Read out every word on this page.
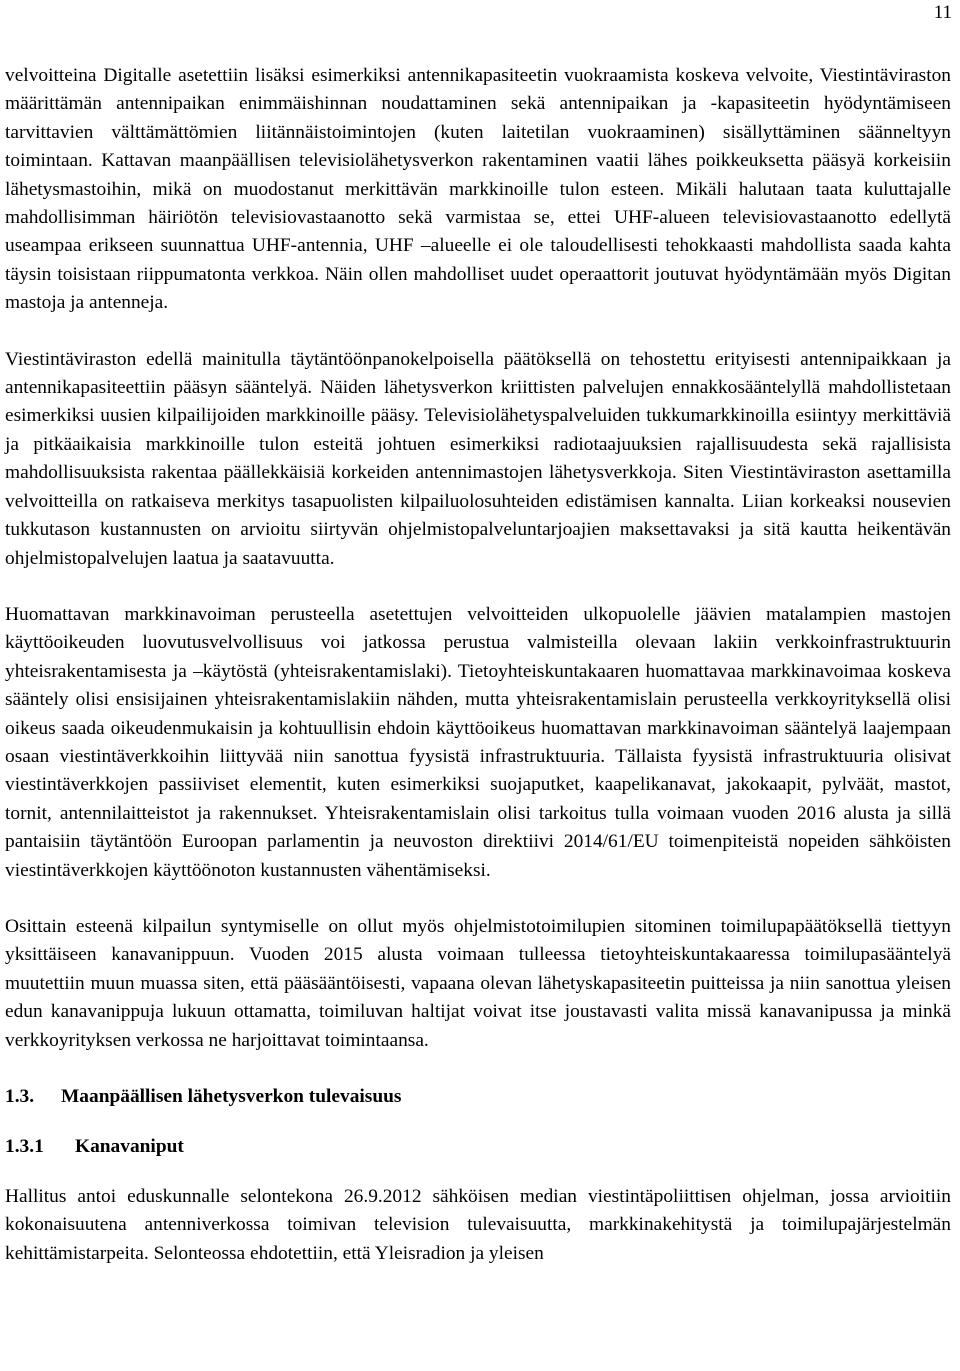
11

velvoitteina Digitalle asetettiin lisäksi esimerkiksi antennikapasiteetin vuokraamista koskeva velvoite, Viestintäviraston määrittämän antennipaikan enimmäishinnan noudattaminen sekä antennipaikan ja -kapasiteetin hyödyntämiseen tarvittavien välttämättömien liitännäistoimintojen (kuten laitetilan vuokraaminen) sisällyttäminen säänneltyyn toimintaan. Kattavan maanpäällisen televisiolähetysverkon rakentaminen vaatii lähes poikkeuksetta pääsyä korkeisiin lähetysmastoihin, mikä on muodostanut merkittävän markkinoille tulon esteen. Mikäli halutaan taata kuluttajalle mahdollisimman häiriötön televisiovastaanotto sekä varmistaa se, ettei UHF-alueen televisiovastaanotto edellytä useampaa erikseen suunnattua UHF-antennia, UHF –alueelle ei ole taloudellisesti tehokkaasti mahdollista saada kahta täysin toisistaan riippumatonta verkkoa. Näin ollen mahdolliset uudet operaattorit joutuvat hyödyntämään myös Digitan mastoja ja antenneja.

Viestintäviraston edellä mainitulla täytäntöönpanokelpoisella päätöksellä on tehostettu erityisesti antennipaikkaan ja antennikapasiteettiin pääsyn sääntelyä. Näiden lähetysverkon kriittisten palvelujen ennakkosääntelyllä mahdollistetaan esimerkiksi uusien kilpailijoiden markkinoille pääsy. Televisiolähetyspalveluiden tukkumarkkinoilla esiintyy merkittäviä ja pitkäaikaisia markkinoille tulon esteitä johtuen esimerkiksi radiotaajuuksien rajallisuudesta sekä rajallisista mahdollisuuksista rakentaa päällekkäisiä korkeiden antennimastojen lähetysverkkoja. Siten Viestintäviraston asettamilla velvoitteilla on ratkaiseva merkitys tasapuolisten kilpailuolosuhteiden edistämisen kannalta. Liian korkeaksi nousevien tukkutason kustannusten on arvioitu siirtyvän ohjelmistopalveluntarjoajien maksettavaksi ja sitä kautta heikentävän ohjelmistopalvelujen laatua ja saatavuutta.

Huomattavan markkinavoiman perusteella asetettujen velvoitteiden ulkopuolelle jäävien matalampien mastojen käyttöoikeuden luovutusvelvollisuus voi jatkossa perustua valmisteilla olevaan lakiin verkkoinfrastruktuurin yhteisrakentamisesta ja –käytöstä (yhteisrakentamislaki). Tietoyhteiskuntakaaren huomattavaa markkinavoimaa koskeva sääntely olisi ensisijainen yhteisrakentamislakiin nähden, mutta yhteisrakentamislain perusteella verkkoyrityksellä olisi oikeus saada oikeudenmukaisin ja kohtuullisin ehdoin käyttöoikeus huomattavan markkinavoiman sääntelyä laajempaan osaan viestintäverkkoihin liittyvää niin sanottua fyysistä infrastruktuuria. Tällaista fyysistä infrastruktuuria olisivat viestintäverkkojen passiiviset elementit, kuten esimerkiksi suojaputket, kaapelikanavat, jakokaapit, pylväät, mastot, tornit, antennilaitteistot ja rakennukset. Yhteisrakentamislain olisi tarkoitus tulla voimaan vuoden 2016 alusta ja sillä pantaisiin täytäntöön Euroopan parlamentin ja neuvoston direktiivi 2014/61/EU toimenpiteistä nopeiden sähköisten viestintäverkkojen käyttöönoton kustannusten vähentämiseksi.

Osittain esteenä kilpailun syntymiselle on ollut myös ohjelmistotoimilupien sitominen toimilupapäätöksellä tiettyyn yksittäiseen kanavanippuun. Vuoden 2015 alusta voimaan tulleessa tietoyhteiskuntakaaressa toimilupasääntelyä muutettiin muun muassa siten, että pääsääntöisesti, vapaana olevan lähetyskapasiteetin puitteissa ja niin sanottua yleisen edun kanavanippuja lukuun ottamatta, toimiluvan haltijat voivat itse joustavasti valita missä kanavanipussa ja minkä verkkoyrityksen verkossa ne harjoittavat toimintaansa.

1.3. Maanpäällisen lähetysverkon tulevaisuus
1.3.1 Kanavaniput

Hallitus antoi eduskunnalle selontekona 26.9.2012 sähköisen median viestintäpoliittisen ohjelman, jossa arvioitiin kokonaisuutena antenniverkossa toimivan television tulevaisuutta, markkinakehitystä ja toimilupajärjestelmän kehittämistarpeita. Selonteossa ehdotettiin, että Yleisradion ja yleisen
